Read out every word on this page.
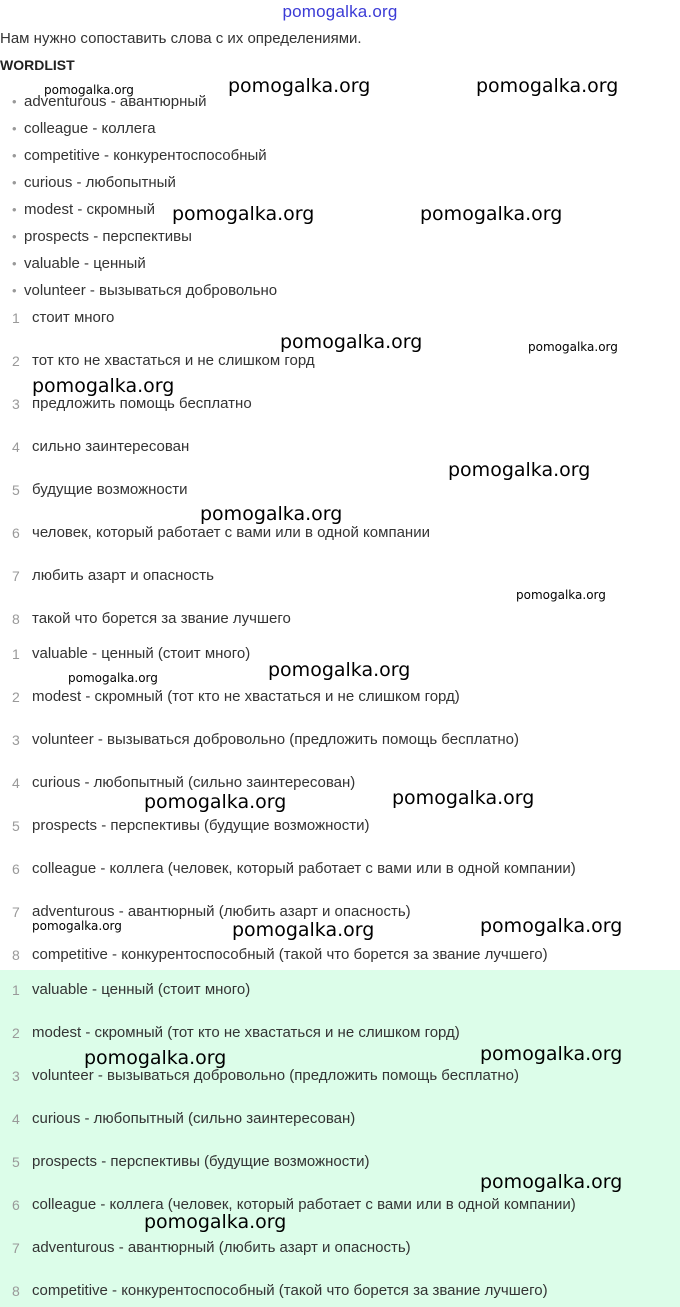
pomogalka.org
Нам нужно сопоставить слова с их определениями.
WORDLIST
• adventurous - авантюрный
• colleague - коллега
• competitive - конкурентоспособный
• curious - любопытный
• modest - скромный
• prospects - перспективы
• valuable - ценный
• volunteer - вызываться добровольно
1 стоит много
2 тот кто не хвастаться и не слишком горд
3 предложить помощь бесплатно
4 сильно заинтересован
5 будущие возможности
6 человек, который работает с вами или в одной компании
7 любить азарт и опасность
8 такой что борется за звание лучшего
1 valuable - ценный (стоит много)
2 modest - скромный (тот кто не хвастаться и не слишком горд)
3 volunteer - вызываться добровольно (предложить помощь бесплатно)
4 curious - любопытный (сильно заинтересован)
5 prospects - перспективы (будущие возможности)
6 colleague - коллега (человек, который работает с вами или в одной компании)
7 adventurous - авантюрный (любить азарт и опасность)
8 competitive - конкурентоспособный (такой что борется за звание лучшего)
1 valuable - ценный (стоит много)
2 modest - скромный (тот кто не хвастаться и не слишком горд)
3 volunteer - вызываться добровольно (предложить помощь бесплатно)
4 curious - любопытный (сильно заинтересован)
5 prospects - перспективы (будущие возможности)
6 colleague - коллега (человек, который работает с вами или в одной компании)
7 adventurous - авантюрный (любить азарт и опасность)
8 competitive - конкурентоспособный (такой что борется за звание лучшего)
pomogalka.org	pomogalka.org	pomogalka.org
pomogalka.org	pomogalka.org
pomogalka.org	pomogalka.org
pomogalka.org
pomogalka.org
pomogalka.org
pomogalka.org
pomogalka.org
pomogalka.org
pomogalka.org	pomogalka.org
pomogalka.org	pomogalka.org	pomogalka.org
pomogalka.org	pomogalka.org
pomogalka.org
pomogalka.org
